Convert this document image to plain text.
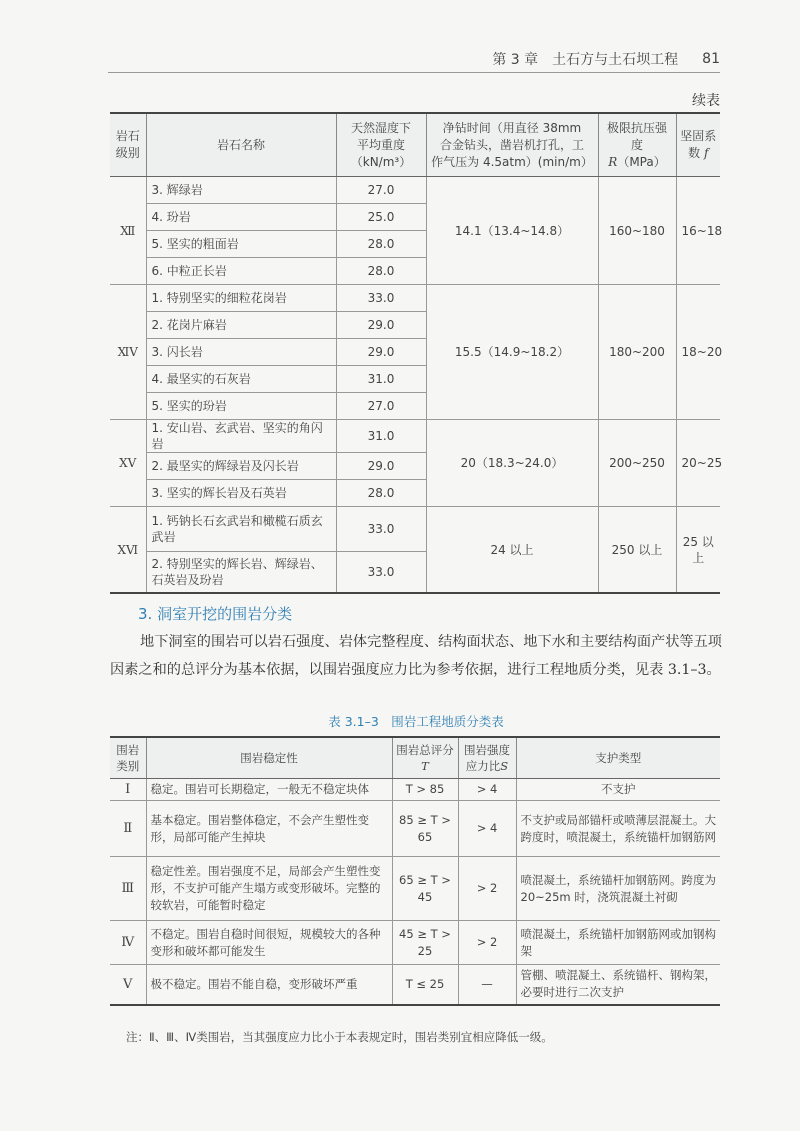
第 3 章　土石方与土石坝工程 81
续表
岩石
级别	岩石名称	天然湿度下
平均重度
（kN/m³）	净钻时间（用直径 38mm
合金钻头，凿岩机打孔，工
作气压为 4.5atm）(min/m）	极限抗压强度
R（MPa）	坚固系数 f
Ⅻ	3. 辉绿岩	27.0	14.1（13.4~14.8）	160~180	16~18
	4. 玢岩	25.0			
	5. 坚实的粗面岩	28.0			
	6. 中粒正长岩	28.0			
ⅪⅤ	1. 特别坚实的细粒花岗岩	33.0	15.5（14.9~18.2）	180~200	18~20
	2. 花岗片麻岩	29.0			
	3. 闪长岩	29.0			
	4. 最坚实的石灰岩	31.0			
	5. 坚实的玢岩	27.0			
ⅩⅤ	1. 安山岩、玄武岩、坚实的角闪岩	31.0	20（18.3~24.0）	200~250	20~25
	2. 最坚实的辉绿岩及闪长岩	29.0			
	3. 坚实的辉长岩及石英岩	28.0			
ⅩⅥ	1. 钙钠长石玄武岩和橄榄石质玄武岩	33.0	24 以上	250 以上	25 以上
	2. 特别坚实的辉长岩、辉绿岩、石英岩及玢岩	33.0			
3. 洞室开挖的围岩分类
地下洞室的围岩可以岩石强度、岩体完整程度、结构面状态、地下水和主要结构面产状等五项因素之和的总评分为基本依据，以围岩强度应力比为参考依据，进行工程地质分类，见表 3.1–3。
表 3.1–3　围岩工程地质分类表
围岩
类别	围岩稳定性	围岩总评分
T	围岩强度
应力比S	支护类型
Ⅰ	稳定。围岩可长期稳定，一般无不稳定块体	T > 85	> 4	不支护
Ⅱ	基本稳定。围岩整体稳定，不会产生塑性变形，局部可能产生掉块	85 ≥ T > 65	> 4	不支护或局部锚杆或喷薄层混凝土。大跨度时，喷混凝土，系统锚杆加钢筋网
Ⅲ	稳定性差。围岩强度不足，局部会产生塑性变形，不支护可能产生塌方或变形破坏。完整的较软岩，可能暂时稳定	65 ≥ T > 45	> 2	喷混凝土，系统锚杆加钢筋网。跨度为 20~25m 时，浇筑混凝土衬砌
Ⅳ	不稳定。围岩自稳时间很短，规模较大的各种变形和破坏都可能发生	45 ≥ T > 25	> 2	喷混凝土，系统锚杆加钢筋网或加钢构架
Ⅴ	极不稳定。围岩不能自稳，变形破坏严重	T ≤ 25	—	管棚、喷混凝土、系统锚杆、钢构架，必要时进行二次支护
注：Ⅱ、Ⅲ、Ⅳ类围岩，当其强度应力比小于本表规定时，围岩类别宜相应降低一级。
